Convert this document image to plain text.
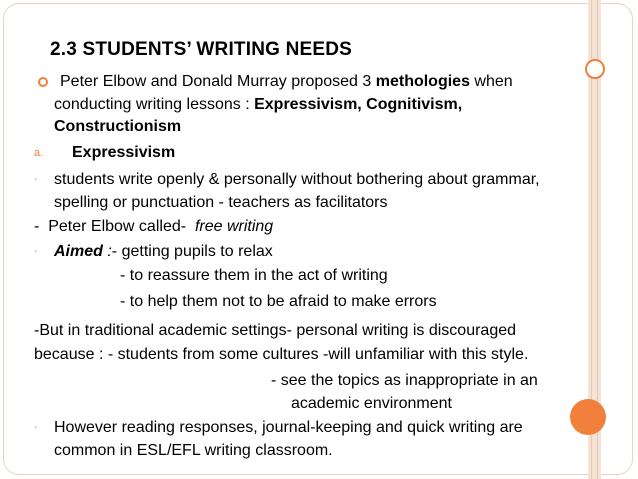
2.3 STUDENTS’ WRITING NEEDS
Peter Elbow and Donald Murray proposed 3 methologies when
conducting writing lessons : Expressivism, Cognitivism,
Constructionism
a. Expressivism
- students write openly & personally without bothering about grammar,
spelling or punctuation - teachers as facilitators
-  Peter Elbow called-  free writing
- Aimed :- getting pupils to relax
- to reassure them in the act of writing
- to help them not to be afraid to make errors
-But in traditional academic settings- personal writing is discouraged
because : - students from some cultures -will unfamiliar with this style.
- see the topics as inappropriate in an
academic environment
- However reading responses, journal-keeping and quick writing are
common in ESL/EFL writing classroom.
